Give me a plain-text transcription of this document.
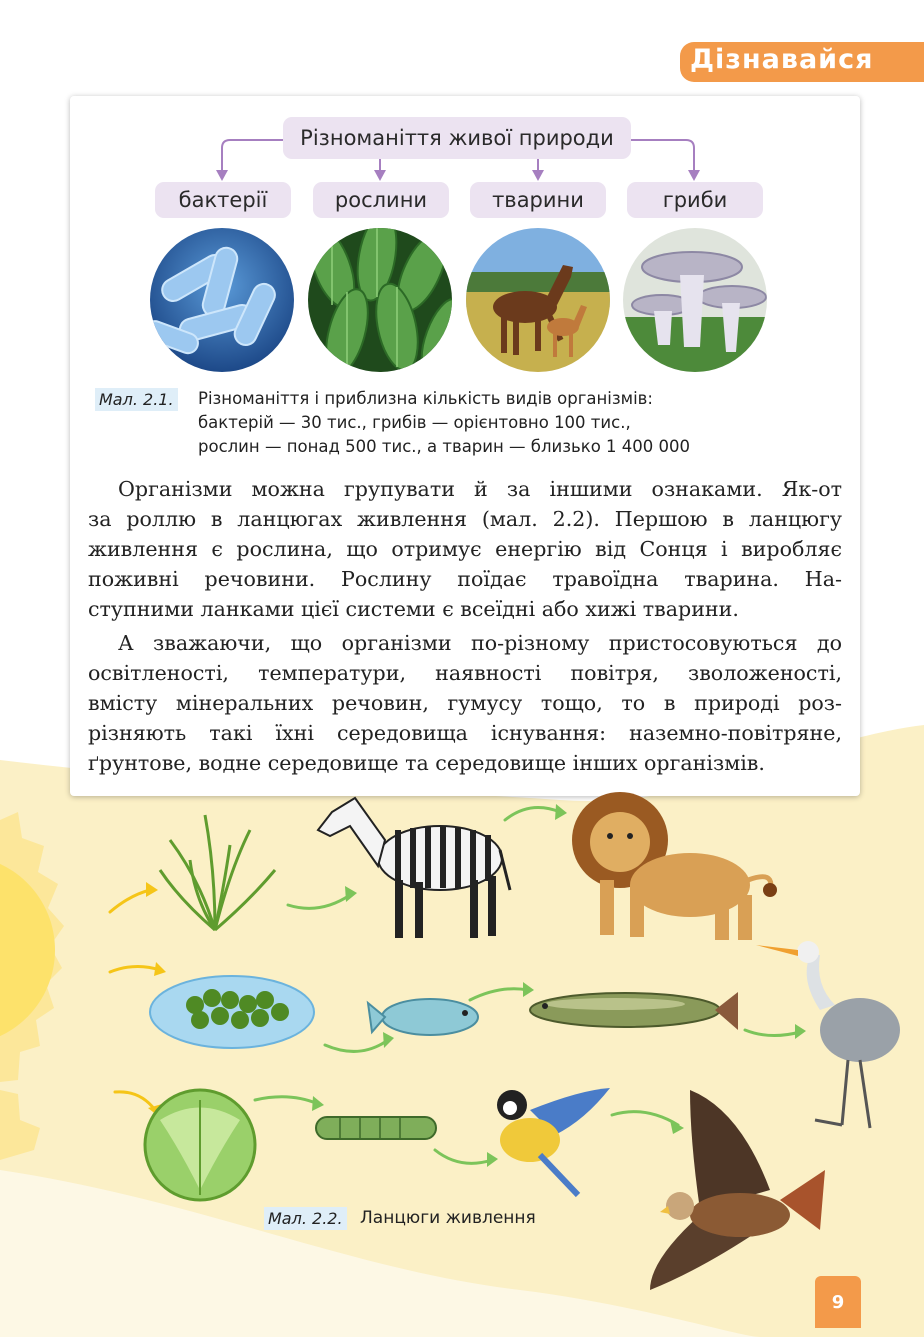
Дізнавайся
Різноманіття живої природи
бактерії	рослини	тварини	гриби
Мал. 2.1. Різноманіття і приблизна кількість видів організмів:
бактерій — 30 тис., грибів — орієнтовно 100 тис.,
рослин — понад 500 тис., а тварин — близько 1 400 000
Організми можна групувати й за іншими ознаками. Як-от
за роллю в ланцюгах живлення (мал. 2.2). Першою в ланцюгу
живлення є рослина, що отримує енергію від Сонця і виробляє
поживні речовини. Рослину поїдає травоїдна тварина. На-
ступними ланками цієї системи є всеїдні або хижі тварини.
А зважаючи, що організми по-різному пристосовуються до
освітленості, температури, наявності повітря, зволоженості,
вмісту мінеральних речовин, гумусу тощо, то в природі роз-
різняють такі їхні середовища існування: наземно-повітряне,
ґрунтове, водне середовище та середовище інших організмів.
Мал. 2.2. Ланцюги живлення
9
